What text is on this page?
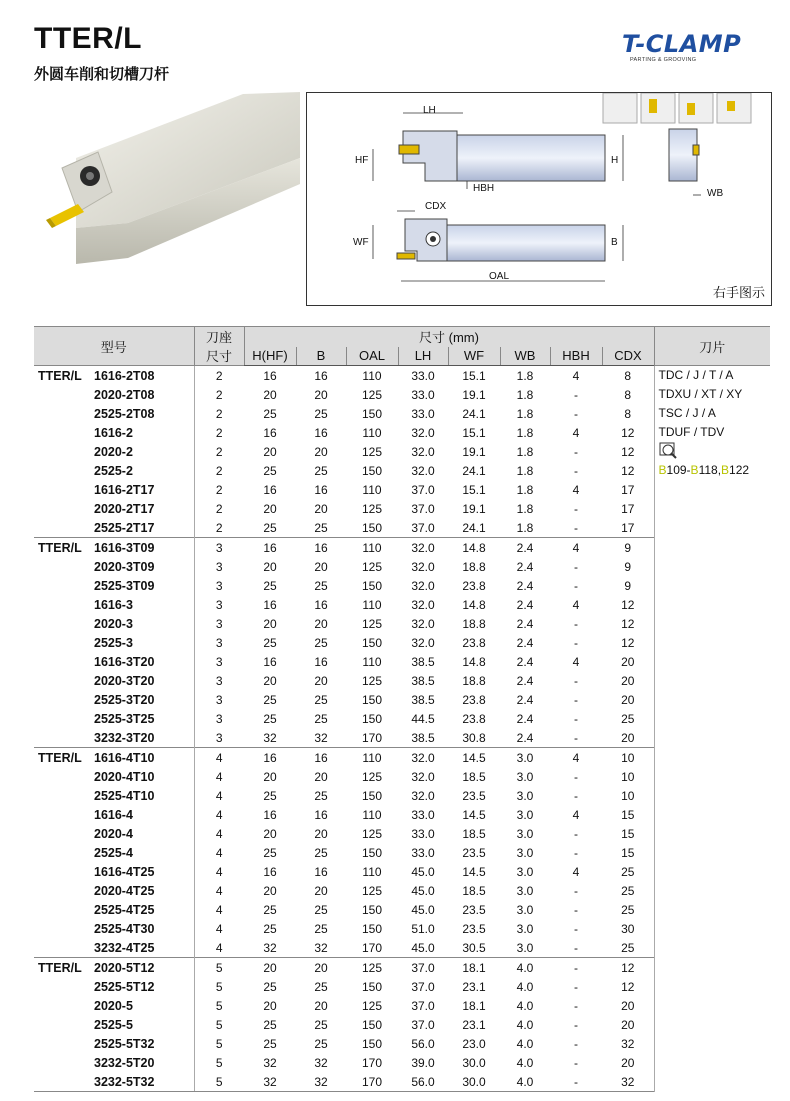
TTER/L
外圆车削和切槽刀杆
T-CLAMP
PARTING & GROOVING
LH
HF	H
HBH
CDX
WF	B
OAL
WB
右手图示
型号	刀座
尺寸	尺寸 (mm)								刀片
		H(HF)	B	OAL	LH	WF	WB	HBH	CDX	
TTER/L 1616-2T08	2	16	16	110	33.0	15.1	1.8	4	8	TDC / J / T / A
TDXU / XT / XY
TSC / J / A
TDUF / TDV
B109-B118,B122

2020-2T08	2	20	20	125	33.0	19.1	1.8	-	8	
2525-2T08	2	25	25	150	33.0	24.1	1.8	-	8	
1616-2	2	16	16	110	32.0	15.1	1.8	4	12	
2020-2	2	20	20	125	32.0	19.1	1.8	-	12	
2525-2	2	25	25	150	32.0	24.1	1.8	-	12	
1616-2T17	2	16	16	110	37.0	15.1	1.8	4	17	
2020-2T17	2	20	20	125	37.0	19.1	1.8	-	17	
2525-2T17	2	25	25	150	37.0	24.1	1.8	-	17	
TTER/L 1616-3T09	3	16	16	110	32.0	14.8	2.4	4	9	
2020-3T09	3	20	20	125	32.0	18.8	2.4	-	9	
2525-3T09	3	25	25	150	32.0	23.8	2.4	-	9	
1616-3	3	16	16	110	32.0	14.8	2.4	4	12	
2020-3	3	20	20	125	32.0	18.8	2.4	-	12	
2525-3	3	25	25	150	32.0	23.8	2.4	-	12	
1616-3T20	3	16	16	110	38.5	14.8	2.4	4	20	
2020-3T20	3	20	20	125	38.5	18.8	2.4	-	20	
2525-3T20	3	25	25	150	38.5	23.8	2.4	-	20	
2525-3T25	3	25	25	150	44.5	23.8	2.4	-	25	
3232-3T20	3	32	32	170	38.5	30.8	2.4	-	20	
TTER/L 1616-4T10	4	16	16	110	32.0	14.5	3.0	4	10	
2020-4T10	4	20	20	125	32.0	18.5	3.0	-	10	
2525-4T10	4	25	25	150	32.0	23.5	3.0	-	10	
1616-4	4	16	16	110	33.0	14.5	3.0	4	15	
2020-4	4	20	20	125	33.0	18.5	3.0	-	15	
2525-4	4	25	25	150	33.0	23.5	3.0	-	15	
1616-4T25	4	16	16	110	45.0	14.5	3.0	4	25	
2020-4T25	4	20	20	125	45.0	18.5	3.0	-	25	
2525-4T25	4	25	25	150	45.0	23.5	3.0	-	25	
2525-4T30	4	25	25	150	51.0	23.5	3.0	-	30	
3232-4T25	4	32	32	170	45.0	30.5	3.0	-	25	
TTER/L 2020-5T12	5	20	20	125	37.0	18.1	4.0	-	12	
2525-5T12	5	25	25	150	37.0	23.1	4.0	-	12	
2020-5	5	20	20	125	37.0	18.1	4.0	-	20	
2525-5	5	25	25	150	37.0	23.1	4.0	-	20	
2525-5T32	5	25	25	150	56.0	23.0	4.0	-	32	
3232-5T20	5	32	32	170	39.0	30.0	4.0	-	20	
3232-5T32	5	32	32	170	56.0	30.0	4.0	-	32	
